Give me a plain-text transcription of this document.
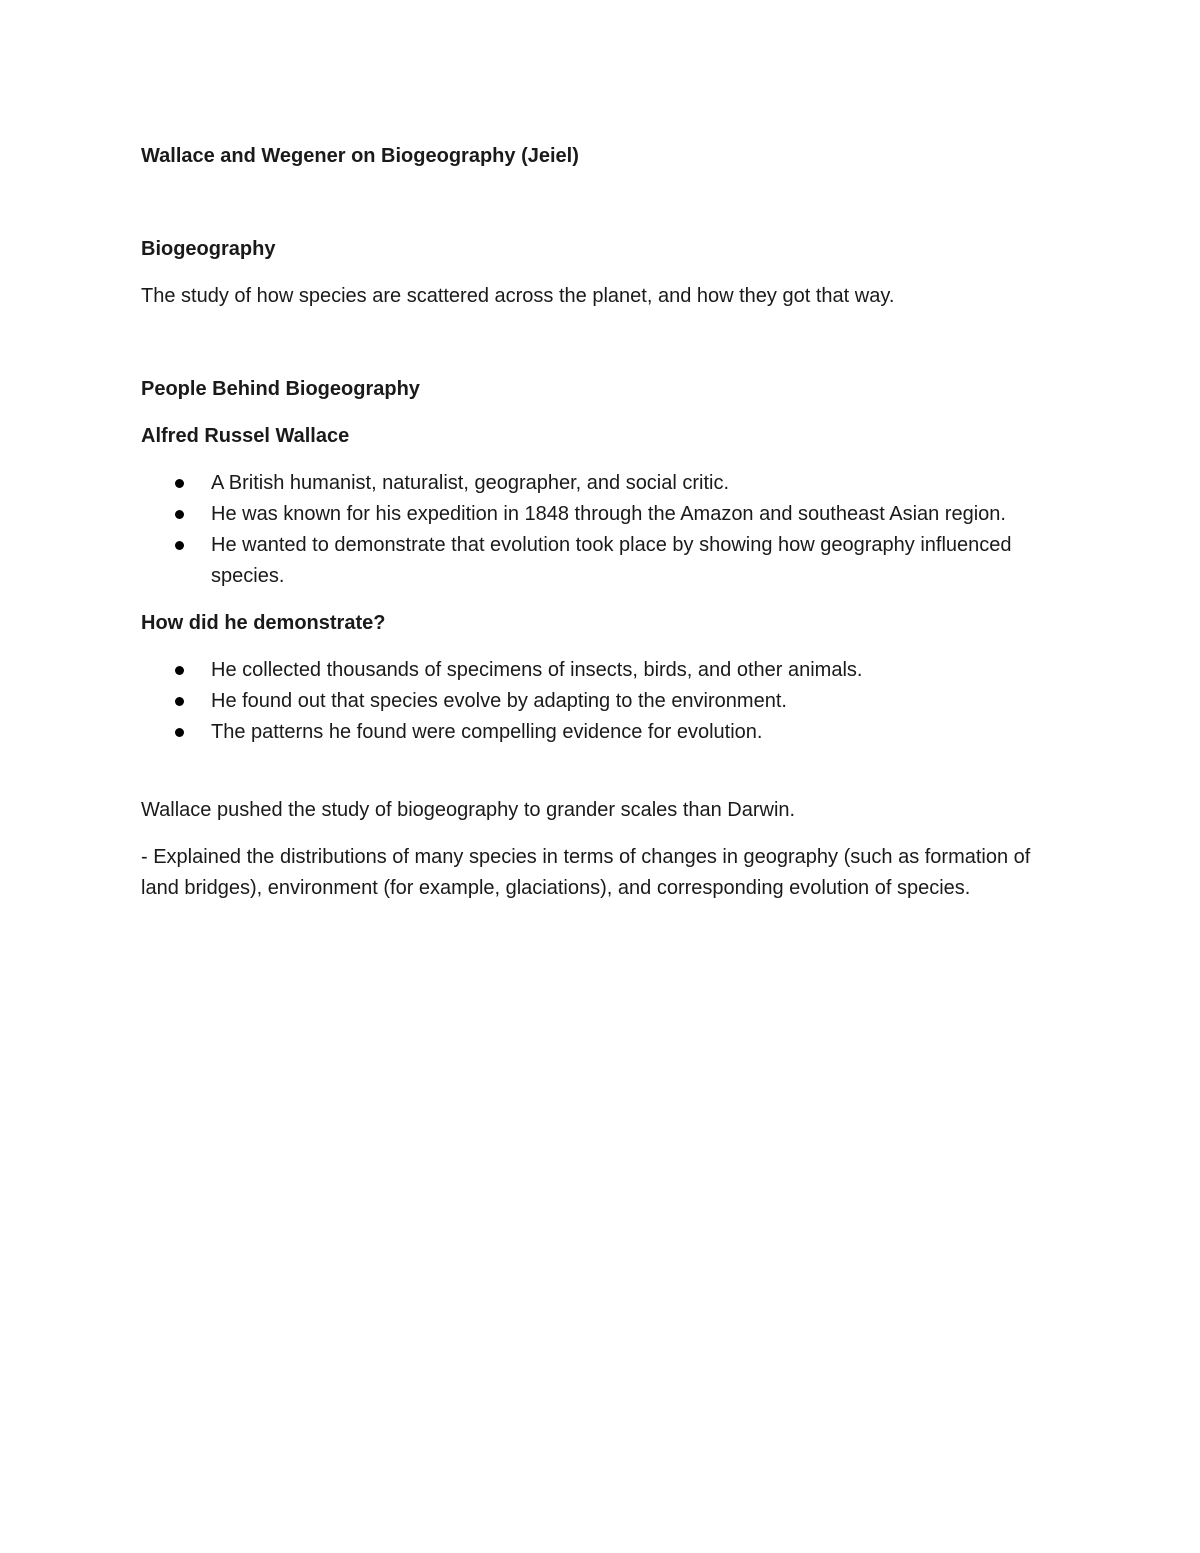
Wallace and Wegener on Biogeography (Jeiel)

Biogeography

The study of how species are scattered across the planet, and how they got that way.

People Behind Biogeography

Alfred Russel Wallace

A British humanist, naturalist, geographer, and social critic.
He was known for his expedition in 1848 through the Amazon and southeast Asian region.
He wanted to demonstrate that evolution took place by showing how geography influenced species.

How did he demonstrate?

He collected thousands of specimens of insects, birds, and other animals.
He found out that species evolve by adapting to the environment.
The patterns he found were compelling evidence for evolution.

Wallace pushed the study of biogeography to grander scales than Darwin.

- Explained the distributions of many species in terms of changes in geography (such as formation of land bridges), environment (for example, glaciations), and corresponding evolution of species.
